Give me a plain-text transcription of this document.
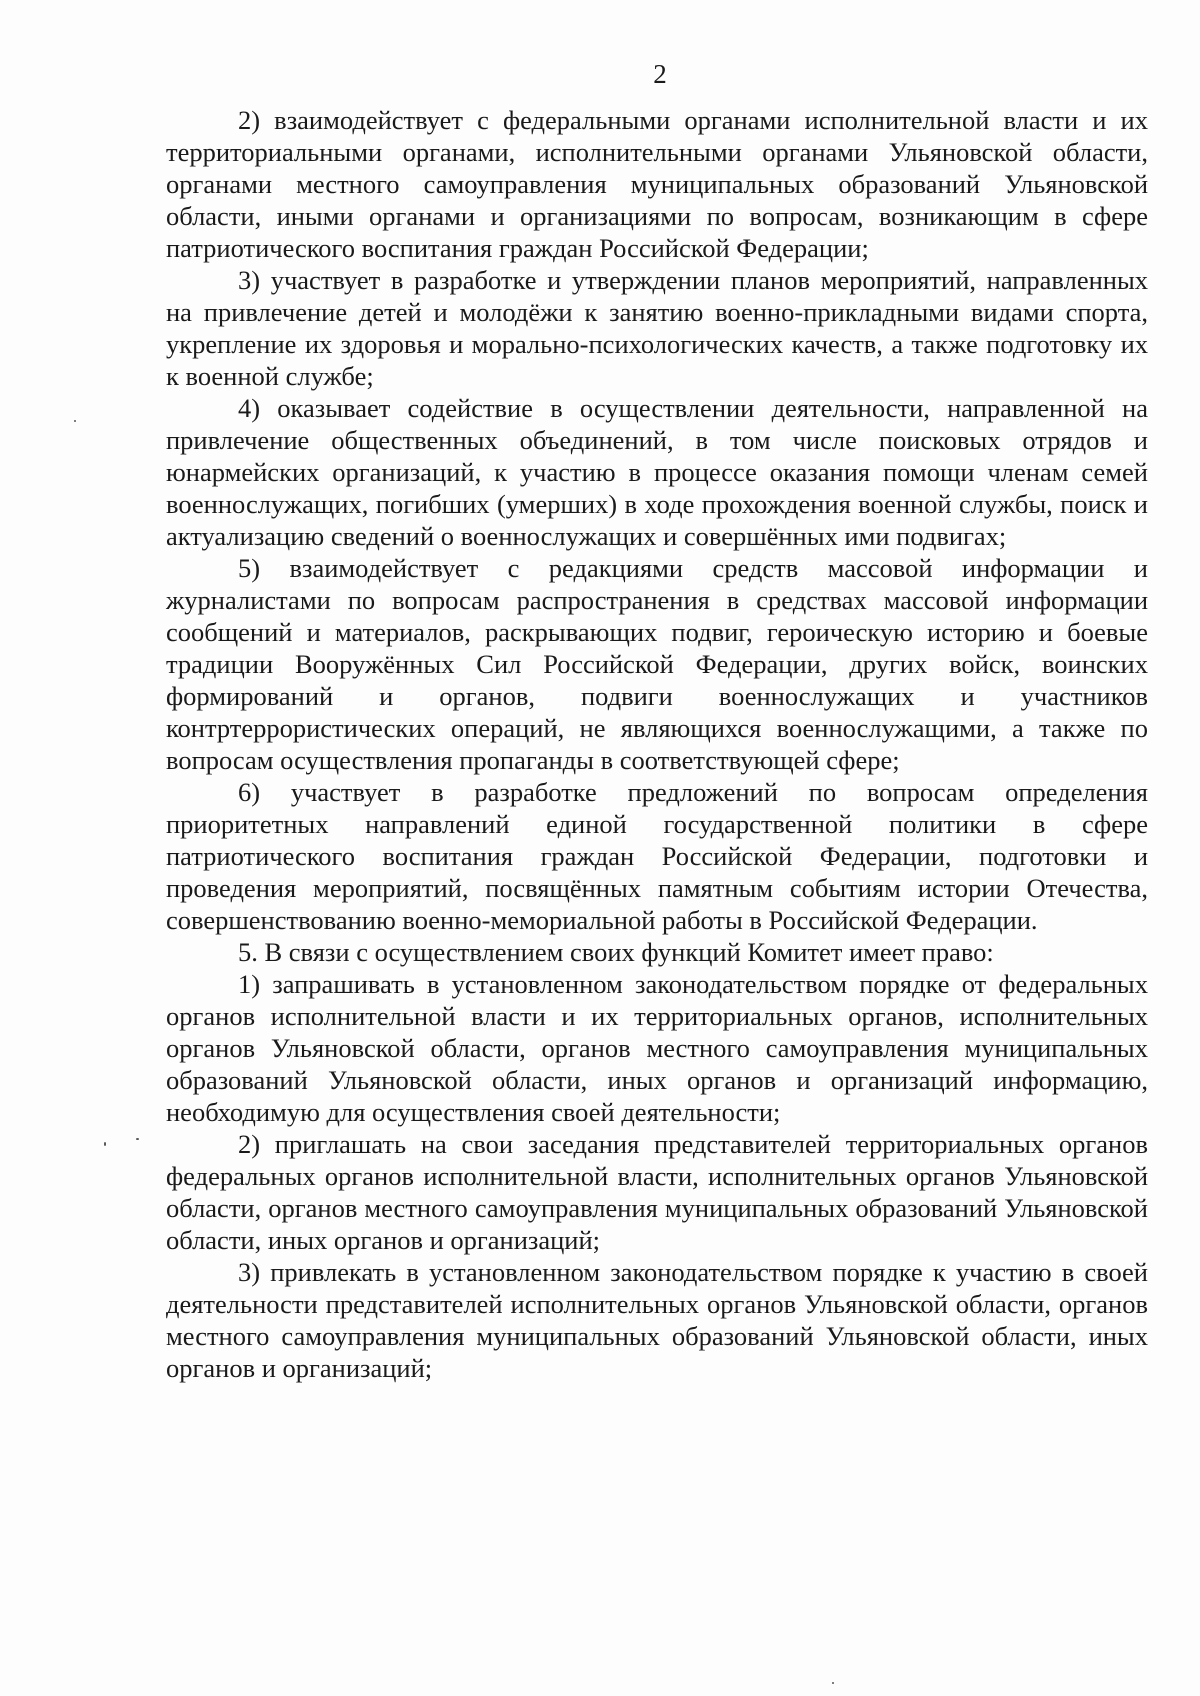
2

2) взаимодействует с федеральными органами исполнительной власти и их территориальными органами, исполнительными органами Ульяновской области, органами местного самоуправления муниципальных образований Ульяновской области, иными органами и организациями по вопросам, возникающим в сфере патриотического воспитания граждан Российской Федерации;

3) участвует в разработке и утверждении планов мероприятий, направленных на привлечение детей и молодёжи к занятию военно-прикладными видами спорта, укрепление их здоровья и морально-психологических качеств, а также подготовку их к военной службе;

4) оказывает содействие в осуществлении деятельности, направленной на привлечение общественных объединений, в том числе поисковых отрядов и юнармейских организаций, к участию в процессе оказания помощи членам семей военнослужащих, погибших (умерших) в ходе прохождения военной службы, поиск и актуализацию сведений о военнослужащих и совершённых ими подвигах;

5) взаимодействует с редакциями средств массовой информации и журналистами по вопросам распространения в средствах массовой информации сообщений и материалов, раскрывающих подвиг, героическую историю и боевые традиции Вооружённых Сил Российской Федерации, других войск, воинских формирований и органов, подвиги военнослужащих и участников контртеррористических операций, не являющихся военнослужащими, а также по вопросам осуществления пропаганды в соответствующей сфере;

6) участвует в разработке предложений по вопросам определения приоритетных направлений единой государственной политики в сфере патриотического воспитания граждан Российской Федерации, подготовки и проведения мероприятий, посвящённых памятным событиям истории Отечества, совершенствованию военно-мемориальной работы в Российской Федерации.

5. В связи с осуществлением своих функций Комитет имеет право:

1) запрашивать в установленном законодательством порядке от федеральных органов исполнительной власти и их территориальных органов, исполнительных органов Ульяновской области, органов местного самоуправления муниципальных образований Ульяновской области, иных органов и организаций информацию, необходимую для осуществления своей деятельности;

2) приглашать на свои заседания представителей территориальных органов федеральных органов исполнительной власти, исполнительных органов Ульяновской области, органов местного самоуправления муниципальных образований Ульяновской области, иных органов и организаций;

3) привлекать в установленном законодательством порядке к участию в своей деятельности представителей исполнительных органов Ульяновской области, органов местного самоуправления муниципальных образований Ульяновской области, иных органов и организаций;
